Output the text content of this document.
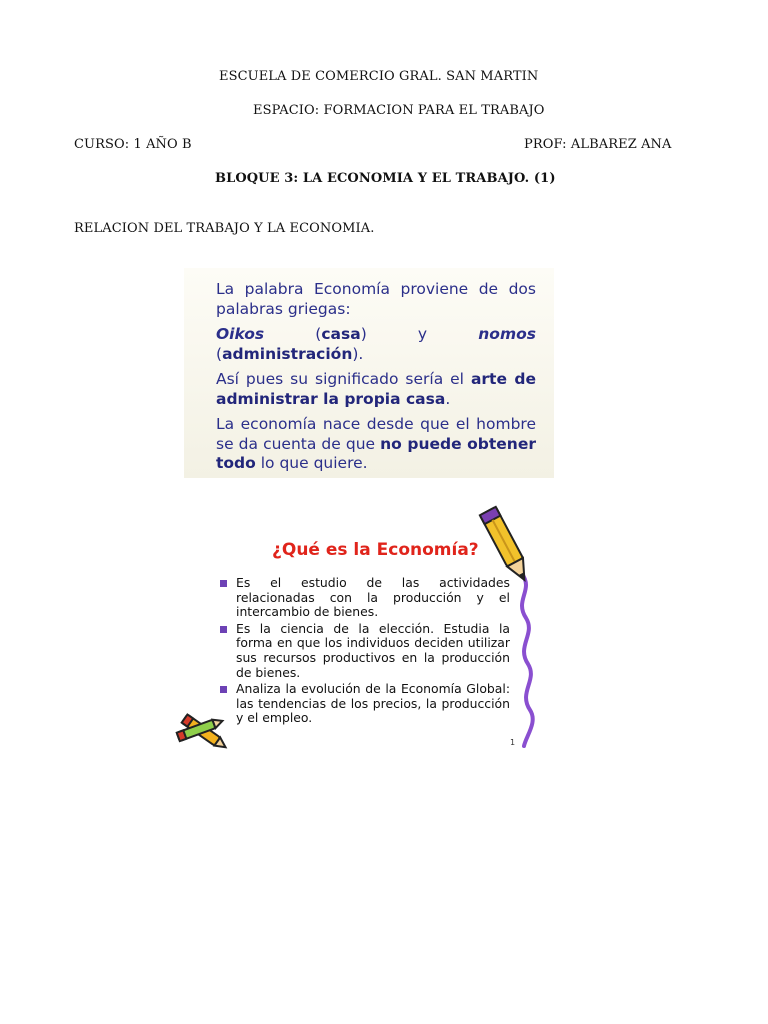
ESCUELA DE COMERCIO GRAL. SAN MARTIN
ESPACIO: FORMACION PARA EL TRABAJO
CURSO: 1 AÑO B	PROF: ALBAREZ ANA
BLOQUE 3: LA ECONOMIA Y EL TRABAJO. (1)
RELACION DEL TRABAJO Y LA ECONOMIA.

La palabra Economía proviene de dos palabras griegas:

Oikos (casa) y	nomos (administración).

Así pues su significado sería el arte de administrar la propia casa.

La economía nace desde que el hombre se da cuenta de que no puede obtener todo lo que quiere.

¿Qué es la Economía?
Es el estudio de las actividades relacionadas con la producción y el intercambio de bienes.
Es la ciencia de la elección. Estudia la forma en que los individuos deciden utilizar sus recursos productivos en la producción de bienes.
Analiza la evolución de la Economía Global: las tendencias de los precios, la producción y el empleo.
1
